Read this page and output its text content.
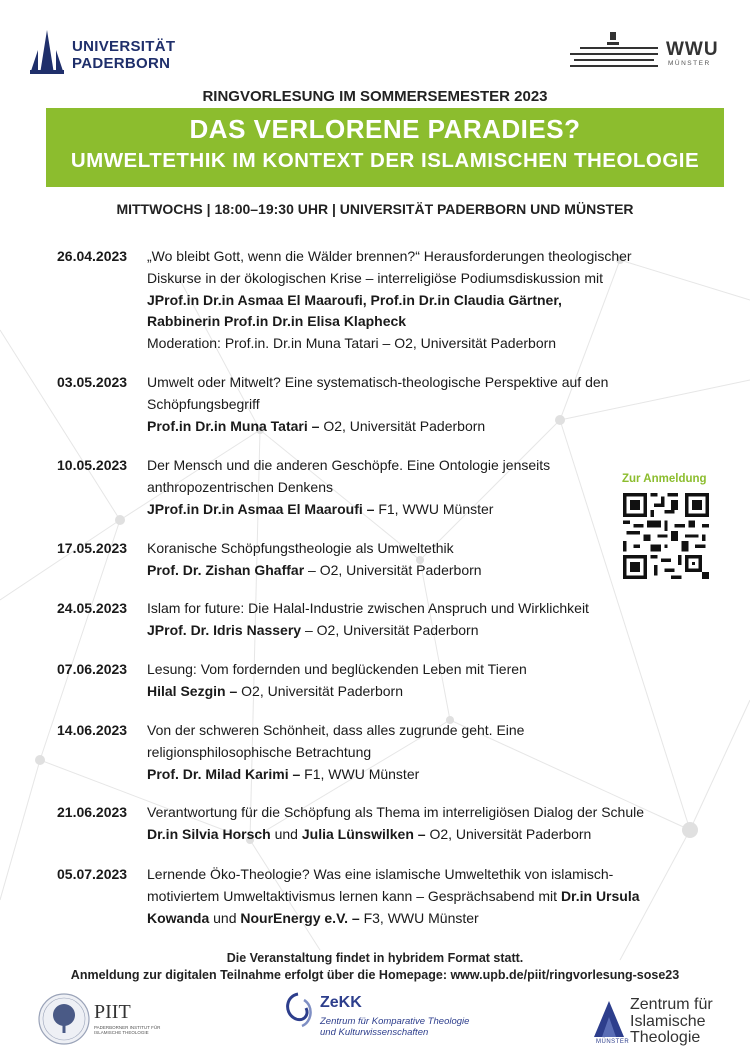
UNIVERSITÄT
PADERBORN
WWU
MÜNSTER
RINGVORLESUNG IM SOMMERSEMESTER 2023
DAS VERLORENE PARADIES?
UMWELTETHIK IM KONTEXT DER ISLAMISCHEN THEOLOGIE
MITTWOCHS | 18:00–19:30 UHR | UNIVERSITÄT PADERBORN UND MÜNSTER
26.04.2023	„Wo bleibt Gott, wenn die Wälder brennen?“ Herausforderungen theologischer
Diskurse in der ökologischen Krise – interreligiöse Podiumsdiskussion mit
JProf.in Dr.in Asmaa El Maaroufi, Prof.in Dr.in Claudia Gärtner,
Rabbinerin Prof.in Dr.in Elisa Klapheck
Moderation: Prof.in. Dr.in Muna Tatari – O2, Universität Paderborn
03.05.2023	Umwelt oder Mitwelt? Eine systematisch-theologische Perspektive auf den
Schöpfungsbegriff
Prof.in Dr.in Muna Tatari – O2, Universität Paderborn
10.05.2023	Der Mensch und die anderen Geschöpfe. Eine Ontologie jenseits
anthropozentrischen Denkens
JProf.in Dr.in Asmaa El Maaroufi – F1, WWU Münster
17.05.2023	Koranische Schöpfungstheologie als Umweltethik
Prof. Dr. Zishan Ghaffar – O2, Universität Paderborn
24.05.2023	Islam for future: Die Halal-Industrie zwischen Anspruch und Wirklichkeit
JProf. Dr. Idris Nassery – O2, Universität Paderborn
07.06.2023	Lesung: Vom fordernden und beglückenden Leben mit Tieren
Hilal Sezgin – O2, Universität Paderborn
14.06.2023	Von der schweren Schönheit, dass alles zugrunde geht. Eine
religionsphilosophische Betrachtung
Prof. Dr. Milad Karimi – F1, WWU Münster
21.06.2023	Verantwortung für die Schöpfung als Thema im interreligiösen Dialog der Schule
Dr.in Silvia Horsch und Julia Lünswilken – O2, Universität Paderborn
05.07.2023	Lernende Öko-Theologie? Was eine islamische Umweltethik von islamisch-
motiviertem Umweltaktivismus lernen kann – Gesprächsabend mit Dr.in Ursula
Kowanda und NourEnergy e.V. – F3, WWU Münster
Zur Anmeldung
Die Veranstaltung findet in hybridem Format statt.
Anmeldung zur digitalen Teilnahme erfolgt über die Homepage: www.upb.de/piit/ringvorlesung-sose23
PIIT
PADERBORNER INSTITUT FÜR ISLAMISCHE THEOLOGIE
ZeKK
Zentrum für Komparative Theologie
und Kulturwissenschaften
MÜNSTER
Zentrum für
Islamische
Theologie
